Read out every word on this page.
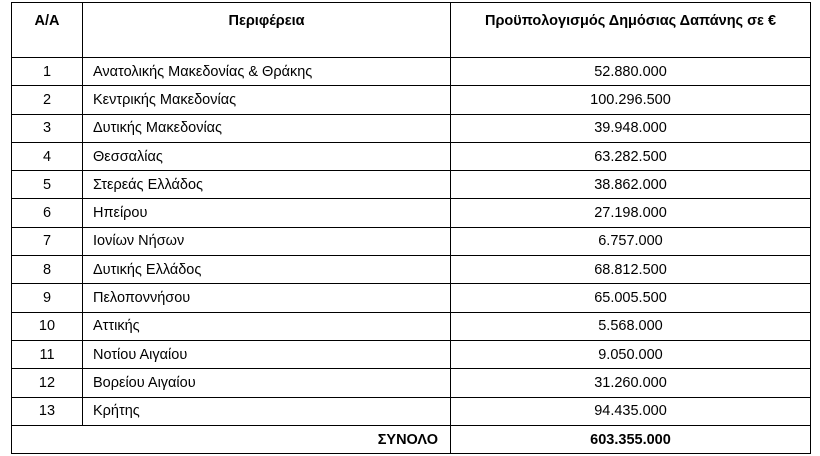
Α/Α	Περιφέρεια	Προϋπολογισμός Δημόσιας Δαπάνης σε €
1	Ανατολικής Μακεδονίας & Θράκης	52.880.000
2	Κεντρικής Μακεδονίας	100.296.500
3	Δυτικής Μακεδονίας	39.948.000
4	Θεσσαλίας	63.282.500
5	Στερεάς Ελλάδος	38.862.000
6	Ηπείρου	27.198.000
7	Ιονίων Νήσων	6.757.000
8	Δυτικής Ελλάδος	68.812.500
9	Πελοποννήσου	65.005.500
10	Αττικής	5.568.000
11	Νοτίου Αιγαίου	9.050.000
12	Βορείου Αιγαίου	31.260.000
13	Κρήτης	94.435.000
ΣΥΝΟΛΟ		603.355.000
